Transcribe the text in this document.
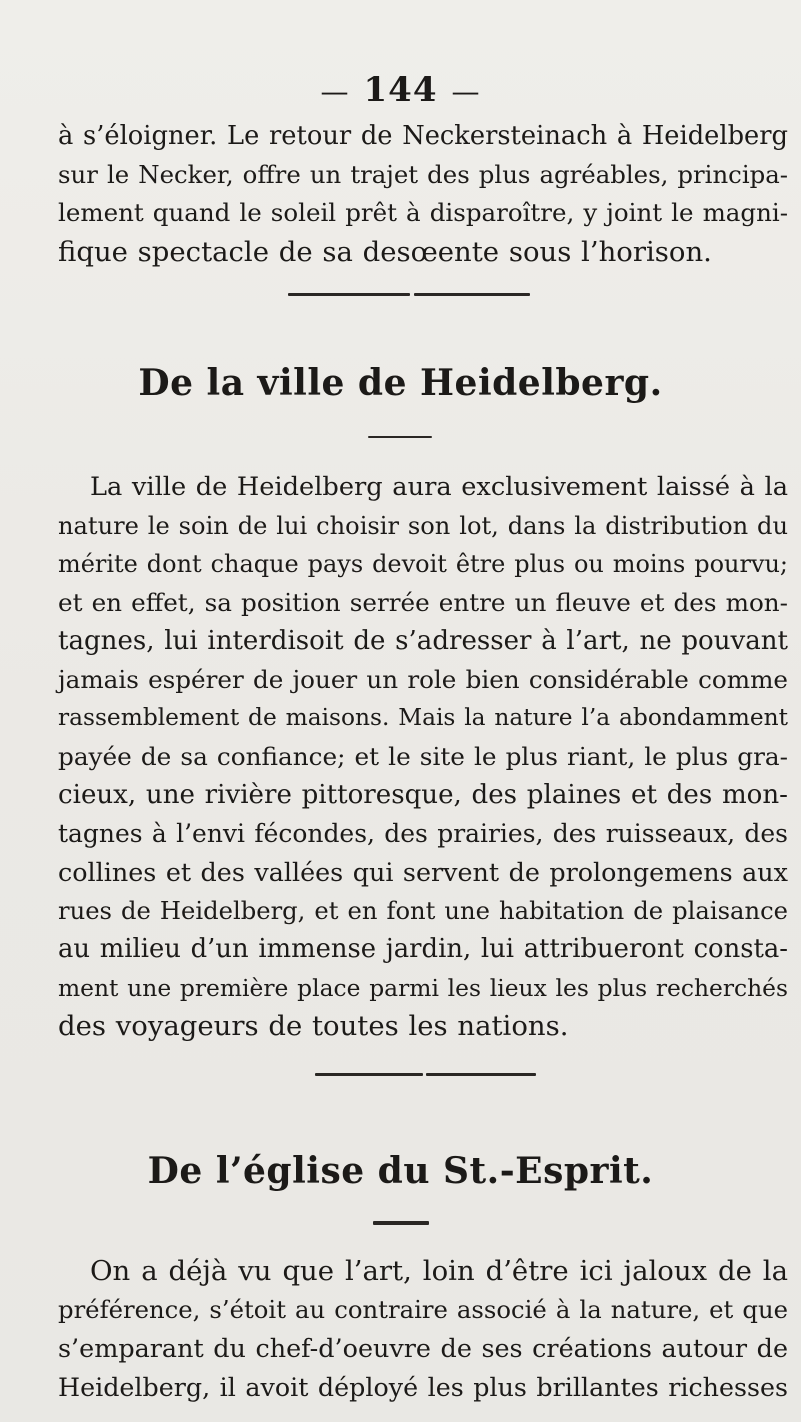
— 144 —
à s’éloigner. Le retour de Neckersteinach à Heidelberg
sur le Necker, offre un trajet des plus agréables, principa-
lement quand le soleil prêt à disparoître, y joint le magni-
fique spectacle de sa desœente sous l’horison.
De la ville de Heidelberg.
La ville de Heidelberg aura exclusivement laissé à la
nature le soin de lui choisir son lot, dans la distribution du
mérite dont chaque pays devoit être plus ou moins pourvu;
et en effet, sa position serrée entre un fleuve et des mon-
tagnes, lui interdisoit de s’adresser à l’art, ne pouvant
jamais espérer de jouer un role bien considérable comme
rassemblement de maisons. Mais la nature l’a abondamment
payée de sa confiance; et le site le plus riant, le plus gra-
cieux, une rivière pittoresque, des plaines et des mon-
tagnes à l’envi fécondes, des prairies, des ruisseaux, des
collines et des vallées qui servent de prolongemens aux
rues de Heidelberg, et en font une habitation de plaisance
au milieu d’un immense jardin, lui attribueront consta-
ment une première place parmi les lieux les plus recherchés
des voyageurs de toutes les nations.
De l’église du St.-Esprit.
On a déjà vu que l’art, loin d’être ici jaloux de la
préférence, s’étoit au contraire associé à la nature, et que
s’emparant du chef-d’oeuvre de ses créations autour de
Heidelberg, il avoit déployé les plus brillantes richesses
